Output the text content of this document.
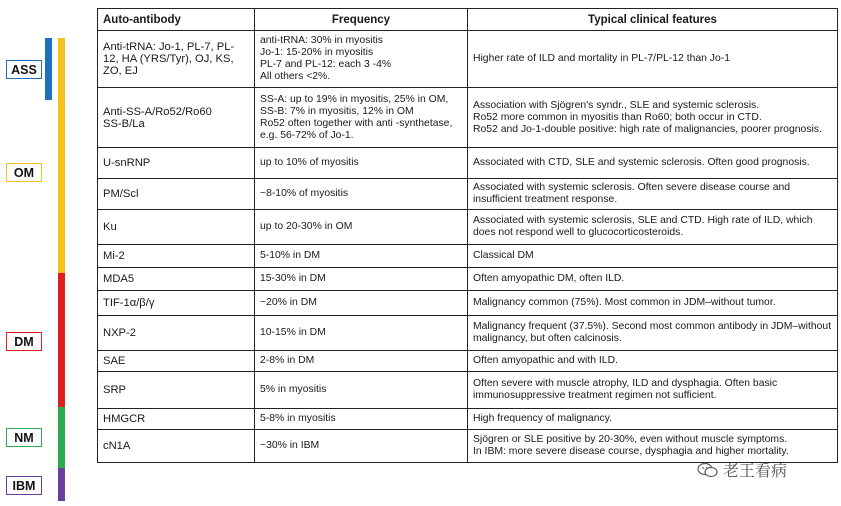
ASS
OM
DM
NM
IBM
Auto-antibody	Frequency	Typical clinical features
Anti-tRNA: Jo-1, PL-7, PL-12, HA (YRS/Tyr), OJ, KS, ZO, EJ	anti-tRNA: 30% in myositis
Jo-1: 15-20% in myositis
PL-7 and PL-12: each 3 -4%
All others <2%.	Higher rate of ILD and mortality in PL-7/PL-12 than Jo-1
Anti-SS-A/Ro52/Ro60
SS-B/La	SS-A: up to 19% in myositis, 25% in OM,
SS-B: 7% in myositis, 12% in OM
Ro52 often together with anti -synthetase,
e.g. 56-72% of Jo-1.	Association with Sjögren's syndr., SLE and systemic sclerosis.
Ro52 more common in myositis than Ro60; both occur in CTD.
Ro52 and Jo-1-double positive: high rate of malignancies, poorer prognosis.
U-snRNP	up to 10% of myositis	Associated with CTD, SLE and systemic sclerosis. Often good prognosis.
PM/Scl	~8-10% of myositis	Associated with systemic sclerosis. Often severe disease course and insufficient treatment response.
Ku	up to 20-30% in OM	Associated with systemic sclerosis, SLE and CTD. High rate of ILD, which does not respond well to glucocorticosteroids.
Mi-2	5-10% in DM	Classical DM
MDA5	15-30% in DM	Often amyopathic DM, often ILD.
TIF-1α/β/γ	~20% in DM	Malignancy common (75%). Most common in JDM–without tumor.
NXP-2	10-15% in DM	Malignancy frequent (37.5%). Second most common antibody in JDM–without malignancy, but often calcinosis.
SAE	2-8% in DM	Often amyopathic and with ILD.
SRP	5% in myositis	Often severe with muscle atrophy, ILD and dysphagia. Often basic immunosuppressive treatment regimen not sufficient.
HMGCR	5-8% in myositis	High frequency of malignancy.
cN1A	~30% in IBM	Sjögren or SLE positive by 20-30%, even without muscle symptoms.
In IBM: more severe disease course, dysphagia and higher mortality.
老王看病
